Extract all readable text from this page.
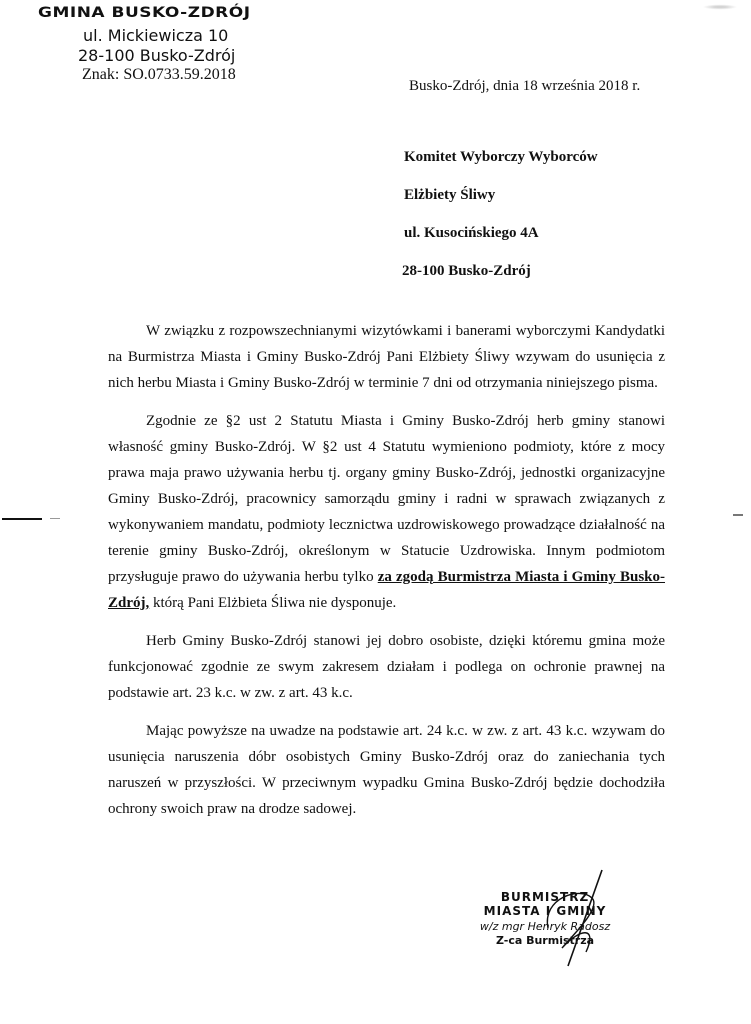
GMINA BUSKO-ZDRÓJ
ul. Mickiewicza 10
28-100 Busko-Zdrój
Znak: SO.0733.59.2018
Busko-Zdrój, dnia 18 września 2018 r.
Komitet Wyborczy Wyborców
Elżbiety Śliwy
ul. Kusocińskiego 4A
28-100 Busko-Zdrój

W związku z rozpowszechnianymi wizytówkami i banerami wyborczymi Kandydatki na Burmistrza Miasta i Gminy Busko-Zdrój Pani Elżbiety Śliwy wzywam do usunięcia z nich herbu Miasta i Gminy Busko-Zdrój w terminie 7 dni od otrzymania niniejszego pisma.

Zgodnie ze §2 ust 2 Statutu Miasta i Gminy Busko-Zdrój herb gminy stanowi własność gminy Busko-Zdrój. W §2 ust 4 Statutu wymieniono podmioty, które z mocy prawa maja prawo używania herbu tj. organy gminy Busko-Zdrój, jednostki organizacyjne Gminy Busko-Zdrój, pracownicy samorządu gminy i radni w sprawach związanych z wykonywaniem mandatu, podmioty lecznictwa uzdrowiskowego prowadzące działalność na terenie gminy Busko-Zdrój, określonym w Statucie Uzdrowiska. Innym podmiotom przysługuje prawo do używania herbu tylko za zgodą Burmistrza Miasta i Gminy Busko-Zdrój, którą Pani Elżbieta Śliwa nie dysponuje.

Herb Gminy Busko-Zdrój stanowi jej dobro osobiste, dzięki któremu gmina może funkcjonować zgodnie ze swym zakresem działam i podlega on ochronie prawnej na podstawie art. 23 k.c. w zw. z art. 43 k.c.

Mając powyższe na uwadze na podstawie art. 24 k.c. w zw. z art. 43 k.c. wzywam do usunięcia naruszenia dóbr osobistych Gminy Busko-Zdrój oraz do zaniechania tych naruszeń w przyszłości. W przeciwnym wypadku Gmina Busko-Zdrój będzie dochodziła ochrony swoich praw na drodze sadowej.

BURMISTRZ
MIASTA I GMINY
w/z mgr Henryk Radosz
Z-ca Burmistrza
